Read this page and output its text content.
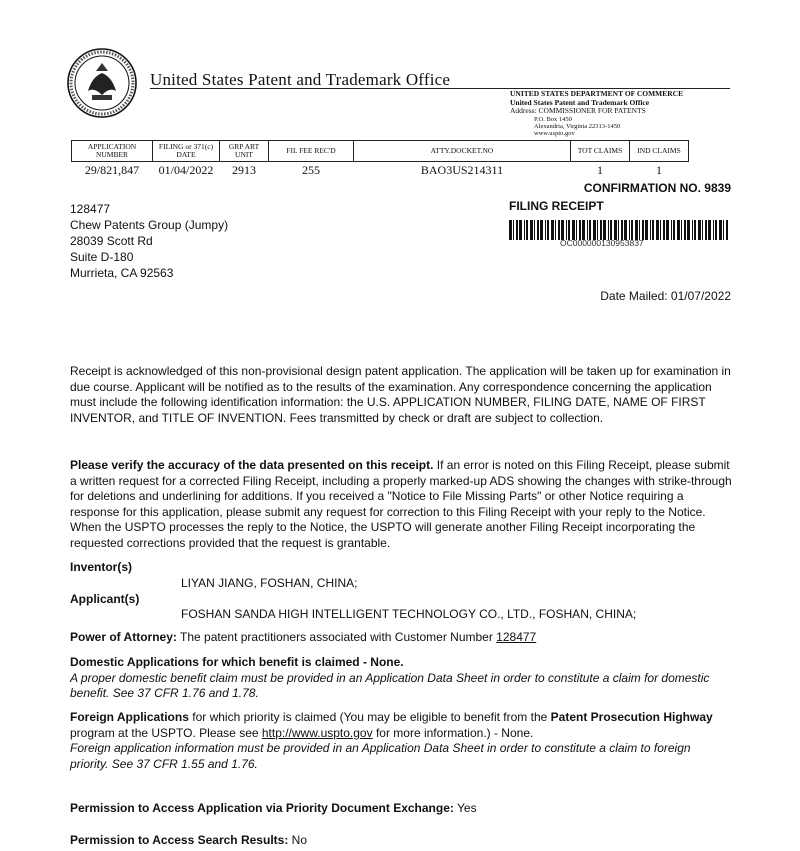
United States Patent and Trademark Office
UNITED STATES DEPARTMENT OF COMMERCE
United States Patent and Trademark Office
Address: COMMISSIONER FOR PATENTS
P.O. Box 1450
Alexandria, Virginia 22313-1450
www.uspto.gov
APPLICATION NUMBER	FILING or 371(c) DATE	GRP ART UNIT	FIL FEE REC'D	ATTY.DOCKET.NO	TOT CLAIMS	IND CLAIMS
29/821,847	01/04/2022	2913	255	BAO3US214311	1	1
CONFIRMATION NO. 9839
FILING RECEIPT
OC000000130953837
128477
Chew Patents Group (Jumpy)
28039 Scott Rd
Suite D-180
Murrieta, CA 92563
Date Mailed: 01/07/2022
Receipt is acknowledged of this non-provisional design patent application. The application will be taken up for examination in due course. Applicant will be notified as to the results of the examination. Any correspondence concerning the application must include the following identification information: the U.S. APPLICATION NUMBER, FILING DATE, NAME OF FIRST INVENTOR, and TITLE OF INVENTION. Fees transmitted by check or draft are subject to collection.
Please verify the accuracy of the data presented on this receipt. If an error is noted on this Filing Receipt, please submit a written request for a corrected Filing Receipt, including a properly marked-up ADS showing the changes with strike-through for deletions and underlining for additions. If you received a "Notice to File Missing Parts" or other Notice requiring a response for this application, please submit any request for correction to this Filing Receipt with your reply to the Notice. When the USPTO processes the reply to the Notice, the USPTO will generate another Filing Receipt incorporating the requested corrections provided that the request is grantable.
Inventor(s)
LIYAN JIANG, FOSHAN, CHINA;
Applicant(s)
FOSHAN SANDA HIGH INTELLIGENT TECHNOLOGY CO., LTD., FOSHAN, CHINA;
Power of Attorney: The patent practitioners associated with Customer Number 128477
Domestic Applications for which benefit is claimed - None.
A proper domestic benefit claim must be provided in an Application Data Sheet in order to constitute a claim for domestic benefit. See 37 CFR 1.76 and 1.78.
Foreign Applications for which priority is claimed (You may be eligible to benefit from the Patent Prosecution Highway program at the USPTO. Please see http://www.uspto.gov for more information.) - None.
Foreign application information must be provided in an Application Data Sheet in order to constitute a claim to foreign priority. See 37 CFR 1.55 and 1.76.
Permission to Access Application via Priority Document Exchange: Yes
Permission to Access Search Results: No
